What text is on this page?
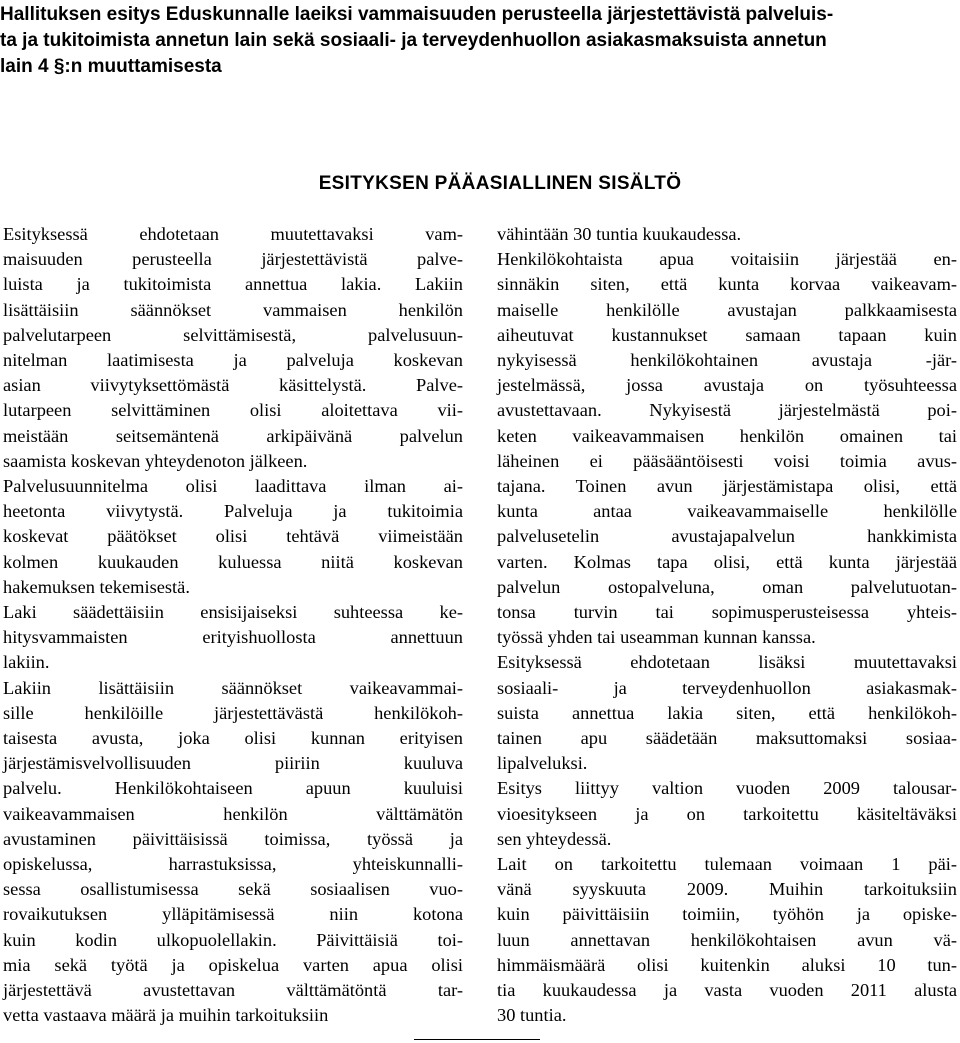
Hallituksen esitys Eduskunnalle laeiksi vammaisuuden perusteella järjestettävistä palveluis-
ta ja tukitoimista annetun lain sekä sosiaali- ja terveydenhuollon asiakasmaksuista annetun
lain 4 §:n muuttamisesta
ESITYKSEN PÄÄASIALLINEN SISÄLTÖ
Esityksessä ehdotetaan muutettavaksi vam-
maisuuden perusteella järjestettävistä palve-
luista ja tukitoimista annettua lakia. Lakiin
lisättäisiin säännökset vammaisen henkilön
palvelutarpeen selvittämisestä, palvelusuun-
nitelman laatimisesta ja palveluja koskevan
asian viivytyksettömästä käsittelystä. Palve-
lutarpeen selvittäminen olisi aloitettava vii-
meistään seitsemäntenä arkipäivänä palvelun
saamista koskevan yhteydenoton jälkeen.
Palvelusuunnitelma olisi laadittava ilman ai-
heetonta viivytystä. Palveluja ja tukitoimia
koskevat päätökset olisi tehtävä viimeistään
kolmen kuukauden kuluessa niitä koskevan
hakemuksen tekemisestä.
Laki säädettäisiin ensisijaiseksi suhteessa ke-
hitysvammaisten erityishuollosta annettuun
lakiin.
Lakiin lisättäisiin säännökset vaikeavammai-
sille henkilöille järjestettävästä henkilökoh-
taisesta avusta, joka olisi kunnan erityisen
järjestämisvelvollisuuden piiriin kuuluva
palvelu. Henkilökohtaiseen apuun kuuluisi
vaikeavammaisen henkilön välttämätön
avustaminen päivittäisissä toimissa, työssä ja
opiskelussa, harrastuksissa, yhteiskunnalli-
sessa osallistumisessa sekä sosiaalisen vuo-
rovaikutuksen ylläpitämisessä niin kotona
kuin kodin ulkopuolellakin. Päivittäisiä toi-
mia sekä työtä ja opiskelua varten apua olisi
järjestettävä avustettavan välttämätöntä tar-
vetta vastaava määrä ja muihin tarkoituksiin
vähintään 30 tuntia kuukaudessa.
Henkilökohtaista apua voitaisiin järjestää en-
sinnäkin siten, että kunta korvaa vaikeavam-
maiselle henkilölle avustajan palkkaamisesta
aiheutuvat kustannukset samaan tapaan kuin
nykyisessä henkilökohtainen avustaja -jär-
jestelmässä, jossa avustaja on työsuhteessa
avustettavaan. Nykyisestä järjestelmästä poi-
keten vaikeavammaisen henkilön omainen tai
läheinen ei pääsääntöisesti voisi toimia avus-
tajana. Toinen avun järjestämistapa olisi, että
kunta antaa vaikeavammaiselle henkilölle
palvelusetelin avustajapalvelun hankkimista
varten. Kolmas tapa olisi, että kunta järjestää
palvelun ostopalveluna, oman palvelutuotan-
tonsa turvin tai sopimusperusteisessa yhteis-
työssä yhden tai useamman kunnan kanssa.
Esityksessä ehdotetaan lisäksi muutettavaksi
sosiaali- ja terveydenhuollon asiakasmak-
suista annettua lakia siten, että henkilökoh-
tainen apu säädetään maksuttomaksi sosiaa-
lipalveluksi.
Esitys liittyy valtion vuoden 2009 talousar-
vioesitykseen ja on tarkoitettu käsiteltäväksi
sen yhteydessä.
Lait on tarkoitettu tulemaan voimaan 1 päi-
vänä syyskuuta 2009. Muihin tarkoituksiin
kuin päivittäisiin toimiin, työhön ja opiske-
luun annettavan henkilökohtaisen avun vä-
himmäismäärä olisi kuitenkin aluksi 10 tun-
tia kuukaudessa ja vasta vuoden 2011 alusta
30 tuntia.
